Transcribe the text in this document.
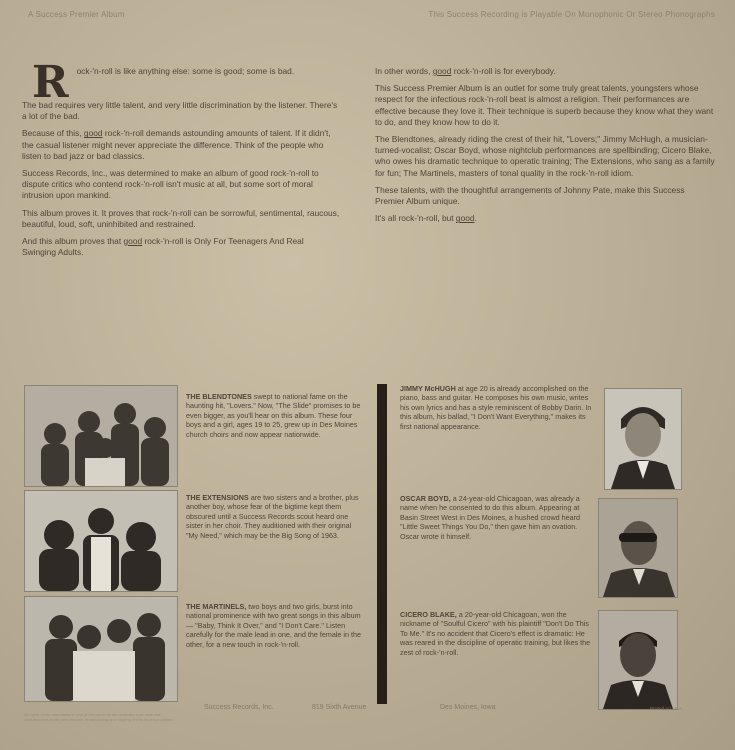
A Success Premier Album	This Success Recording is Playable On Monophonic Or Stereo Phonographs

Rock-'n-roll is like anything else: some is good; some is bad.

The bad requires very little talent, and very little discrimination by the listener. There's a lot of the bad.

Because of this, good rock-'n-roll demands astounding amounts of talent. If it didn't, the casual listener might never appreciate the difference. Think of the people who listen to bad jazz or bad classics.

Success Records, Inc., was determined to make an album of good rock-'n-roll to dispute critics who contend rock-'n-roll isn't music at all, but some sort of moral intrusion upon mankind.

This album proves it. It proves that rock-'n-roll can be sorrowful, sentimental, raucous, beautiful, loud, soft, uninhibited and restrained.

And this album proves that good rock-'n-roll is Only For Teenagers And Real Swinging Adults.

In other words, good rock-'n-roll is for everybody.

This Success Premier Album is an outlet for some truly great talents, youngsters whose respect for the infectious rock-'n-roll beat is almost a religion. Their performances are effective because they love it. Their technique is superb because they know what they want to do, and they know how to do it.

The Blendtones, already riding the crest of their hit, "Lovers;" Jimmy McHugh, a musician-turned-vocalist; Oscar Boyd, whose nightclub performances are spellbinding; Cicero Blake, who owes his dramatic technique to operatic training; The Extensions, who sang as a family for fun; The Martinels, masters of tonal quality in the rock-'n-roll idiom.

These talents, with the thoughtful arrangements of Johnny Pate, make this Success Premier Album unique.

It's all rock-'n-roll, but good.

THE BLENDTONES swept to national fame on the haunting hit, "Lovers." Now, "The Slide" promises to be even bigger, as you'll hear on this album. These four boys and a girl, ages 19 to 25, grew up in Des Moines church choirs and now appear nationwide.

THE EXTENSIONS are two sisters and a brother, plus another boy, whose fear of the bigtime kept them obscured until a Success Records scout heard one sister in her choir. They auditioned with their original "My Need," which may be the Big Song of 1963.

THE MARTINELS, two boys and two girls, burst into national prominence with two great songs in this album — "Baby, Think It Over," and "I Don't Care." Listen carefully for the male lead in one, and the female in the other, for a new touch in rock-'n-roll.

JIMMY McHUGH at age 20 is already accomplished on the piano, bass and guitar. He composes his own music, writes his own lyrics and has a style reminiscent of Bobby Darin. In this album, his ballad, "I Don't Want Everything," makes its first national appearance.

OSCAR BOYD, a 24-year-old Chicagoan, was already a name when he consented to do this album. Appearing at Basin Street West in Des Moines, a hushed crowd heard "Little Sweet Things You Do," then gave him an ovation. Oscar wrote it himself.

CICERO BLAKE, a 20-year-old Chicagoan, won the nickname of "Soulful Cicero" with his plaintiff "Don't Do This To Me." It's no accident that Cicero's effect is dramatic: He was reared in the discipline of operatic training, but likes the zest of rock-'n-roll.

Success Records, Inc.	819 Sixth Avenue	Des Moines, Iowa	Printed in U.S.A.
All rights of the manufacturer and of the owner of the recorded work reserved. Unauthorized public performance, broadcasting and copying of this record prohibited.
